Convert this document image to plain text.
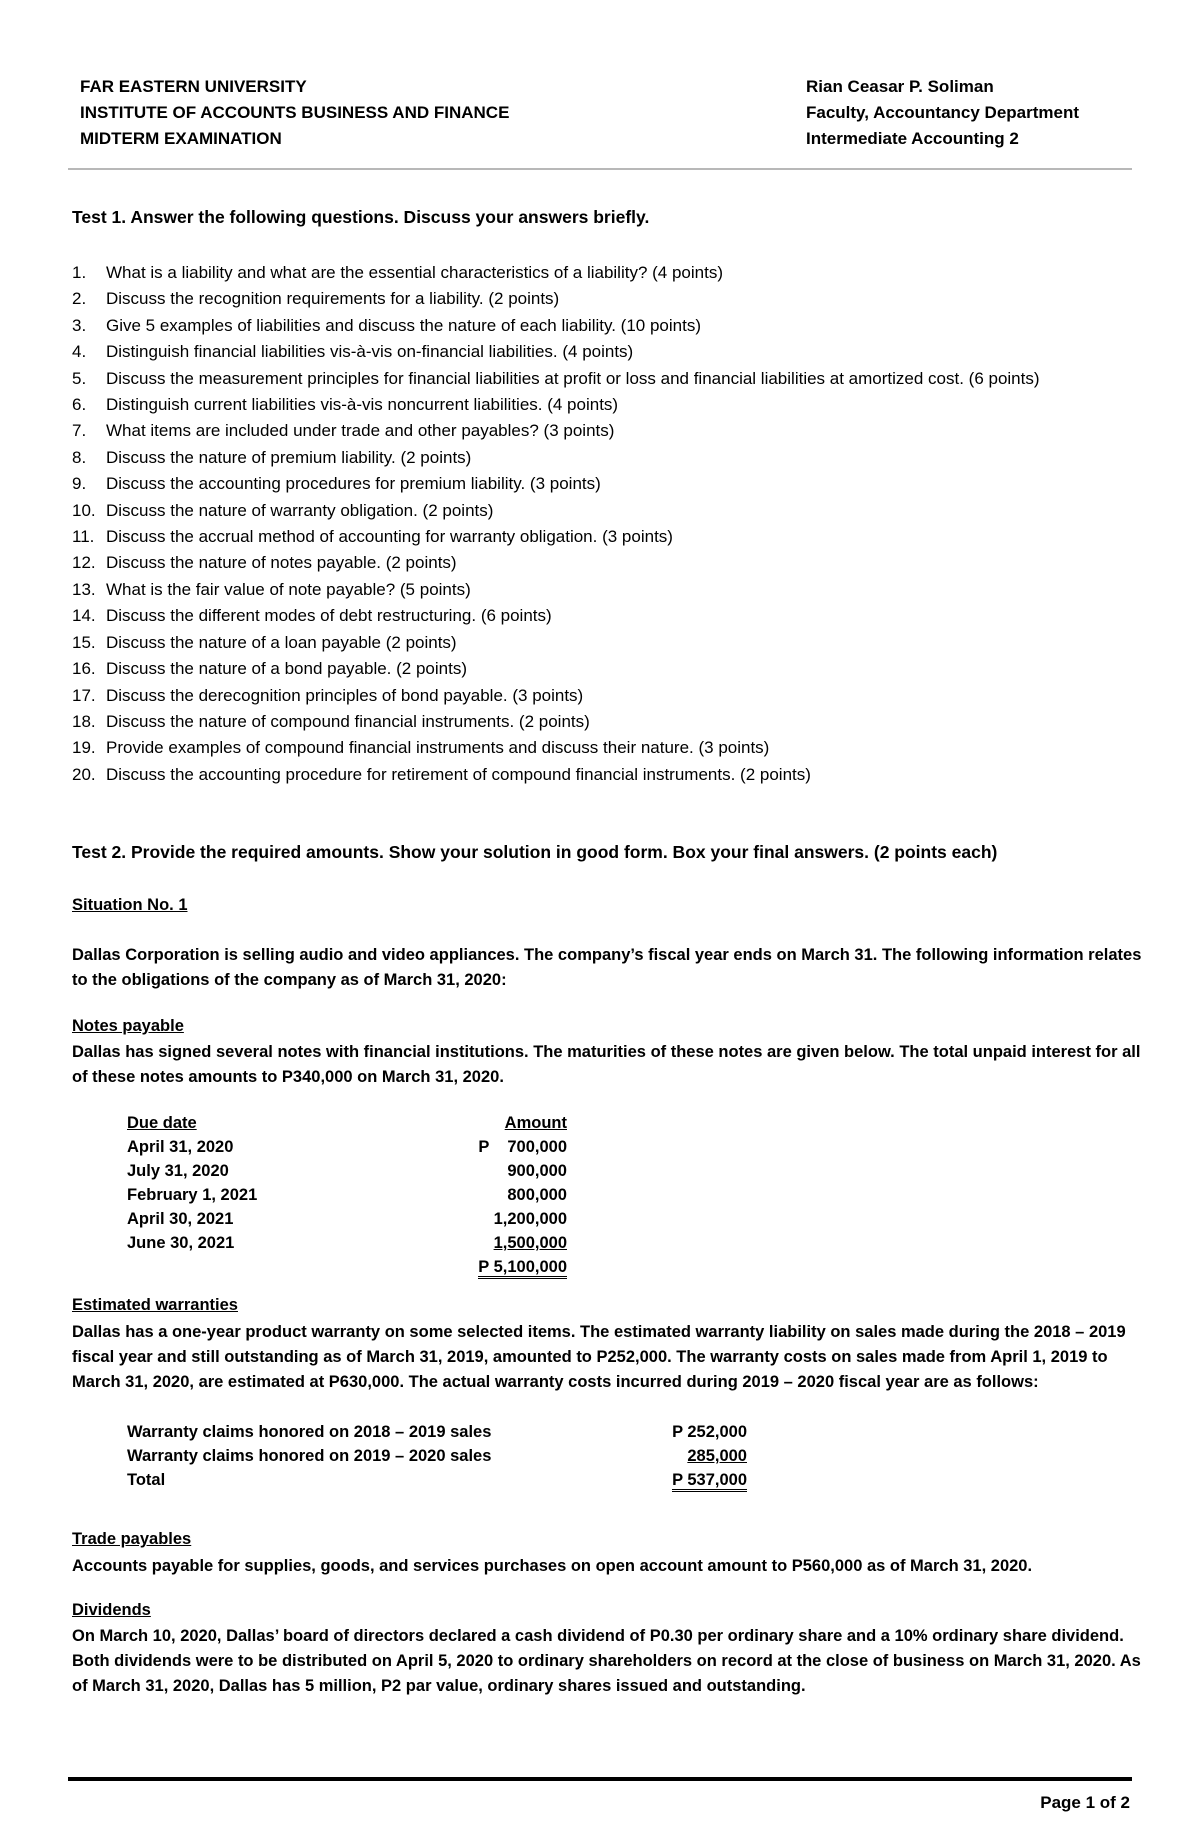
FAR EASTERN UNIVERSITY
INSTITUTE OF ACCOUNTS BUSINESS AND FINANCE
MIDTERM EXAMINATION
Rian Ceasar P. Soliman
Faculty, Accountancy Department
Intermediate Accounting 2
Test 1. Answer the following questions. Discuss your answers briefly.
1.	What is a liability and what are the essential characteristics of a liability? (4 points)
2.	Discuss the recognition requirements for a liability. (2 points)
3.	Give 5 examples of liabilities and discuss the nature of each liability. (10 points)
4.	Distinguish financial liabilities vis-à-vis on-financial liabilities. (4 points)
5.	Discuss the measurement principles for financial liabilities at profit or loss and financial liabilities at amortized cost. (6 points)
6.	Distinguish current liabilities vis-à-vis noncurrent liabilities. (4 points)
7.	What items are included under trade and other payables? (3 points)
8.	Discuss the nature of premium liability. (2 points)
9.	Discuss the accounting procedures for premium liability. (3 points)
10. Discuss the nature of warranty obligation. (2 points)
11. Discuss the accrual method of accounting for warranty obligation. (3 points)
12. Discuss the nature of notes payable. (2 points)
13. What is the fair value of note payable? (5 points)
14. Discuss the different modes of debt restructuring. (6 points)
15. Discuss the nature of a loan payable (2 points)
16. Discuss the nature of a bond payable. (2 points)
17. Discuss the derecognition principles of bond payable. (3 points)
18. Discuss the nature of compound financial instruments. (2 points)
19. Provide examples of compound financial instruments and discuss their nature. (3 points)
20. Discuss the accounting procedure for retirement of compound financial instruments. (2 points)
Test 2. Provide the required amounts. Show your solution in good form. Box your final answers. (2 points each)
Situation No. 1
Dallas Corporation is selling audio and video appliances. The company’s fiscal year ends on March 31. The following information relates to the obligations of the company as of March 31, 2020:
Notes payable
Dallas has signed several notes with financial institutions. The maturities of these notes are given below. The total unpaid interest for all of these notes amounts to P340,000 on March 31, 2020.
Due date	Amount
April 31, 2020	P    700,000
July 31, 2020	900,000
February 1, 2021	800,000
April 30, 2021	1,200,000
June 30, 2021	1,500,000
P 5,100,000
Estimated warranties
Dallas has a one-year product warranty on some selected items. The estimated warranty liability on sales made during the 2018 – 2019 fiscal year and still outstanding as of March 31, 2019, amounted to P252,000. The warranty costs on sales made from April 1, 2019 to March 31, 2020, are estimated at P630,000. The actual warranty costs incurred during 2019 – 2020 fiscal year are as follows:
Warranty claims honored on 2018 – 2019 sales	P 252,000
Warranty claims honored on 2019 – 2020 sales	285,000
Total	P 537,000
Trade payables
Accounts payable for supplies, goods, and services purchases on open account amount to P560,000 as of March 31, 2020.
Dividends
On March 10, 2020, Dallas’ board of directors declared a cash dividend of P0.30 per ordinary share and a 10% ordinary share dividend. Both dividends were to be distributed on April 5, 2020 to ordinary shareholders on record at the close of business on March 31, 2020. As of March 31, 2020, Dallas has 5 million, P2 par value, ordinary shares issued and outstanding.
Page 1 of 2
